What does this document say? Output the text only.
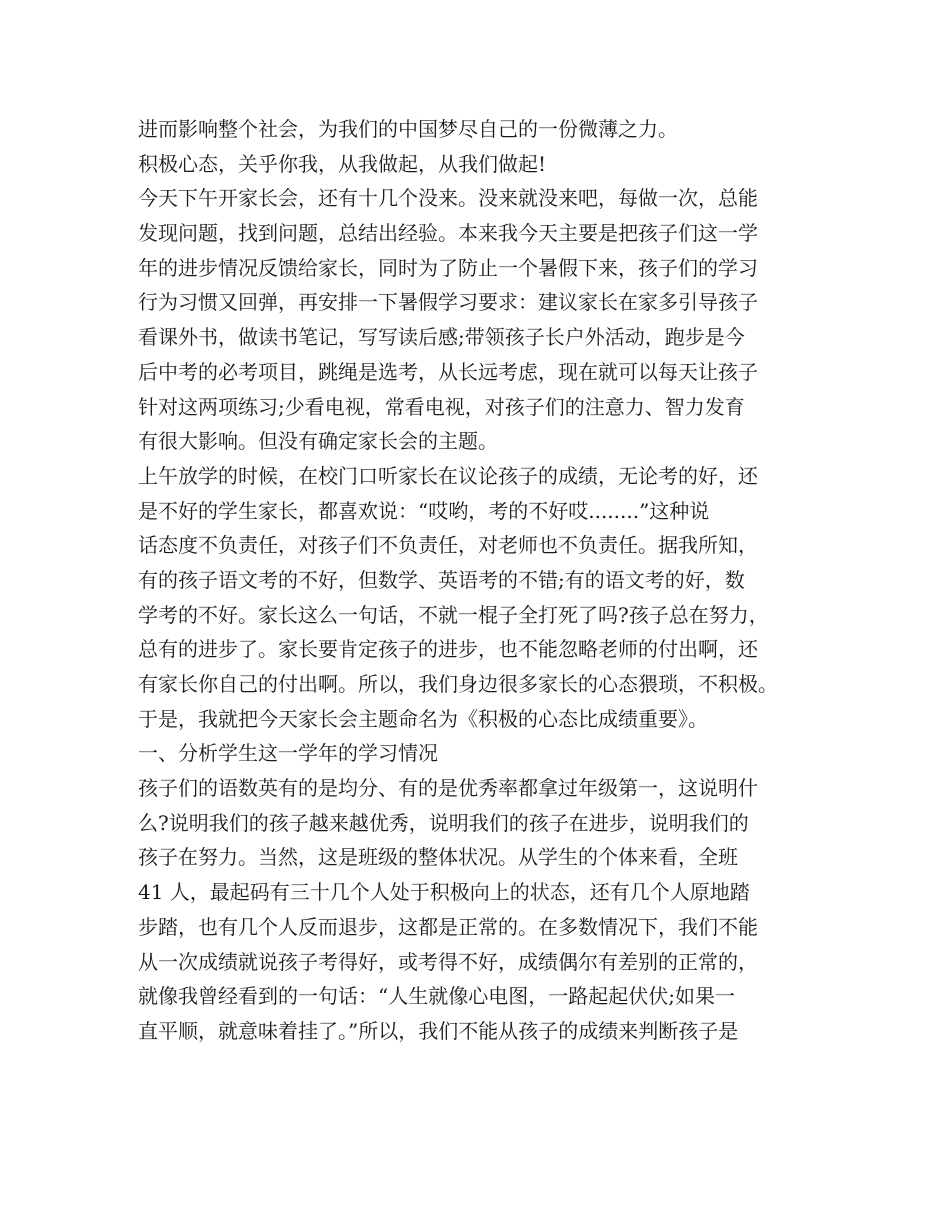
进而影响整个社会，为我们的中国梦尽自己的一份微薄之力。
积极心态，关乎你我，从我做起，从我们做起!
今天下午开家长会，还有十几个没来。没来就没来吧，每做一次，总能
发现问题，找到问题，总结出经验。本来我今天主要是把孩子们这一学
年的进步情况反馈给家长，同时为了防止一个暑假下来，孩子们的学习
行为习惯又回弹，再安排一下暑假学习要求：建议家长在家多引导孩子
看课外书，做读书笔记，写写读后感;带领孩子长户外活动，跑步是今
后中考的必考项目，跳绳是选考，从长远考虑，现在就可以每天让孩子
针对这两项练习;少看电视，常看电视，对孩子们的注意力、智力发育
有很大影响。但没有确定家长会的主题。
上午放学的时候，在校门口听家长在议论孩子的成绩，无论考的好，还
是不好的学生家长，都喜欢说：“哎哟，考的不好哎........”这种说
话态度不负责任，对孩子们不负责任，对老师也不负责任。据我所知，
有的孩子语文考的不好，但数学、英语考的不错;有的语文考的好，数
学考的不好。家长这么一句话，不就一棍子全打死了吗?孩子总在努力，
总有的进步了。家长要肯定孩子的进步，也不能忽略老师的付出啊，还
有家长你自己的付出啊。所以，我们身边很多家长的心态猥琐，不积极。
于是，我就把今天家长会主题命名为《积极的心态比成绩重要》。
一、分析学生这一学年的学习情况
孩子们的语数英有的是均分、有的是优秀率都拿过年级第一，这说明什
么?说明我们的孩子越来越优秀，说明我们的孩子在进步，说明我们的
孩子在努力。当然，这是班级的整体状况。从学生的个体来看，全班
41 人，最起码有三十几个人处于积极向上的状态，还有几个人原地踏
步踏，也有几个人反而退步，这都是正常的。在多数情况下，我们不能
从一次成绩就说孩子考得好，或考得不好，成绩偶尔有差别的正常的，
就像我曾经看到的一句话：“人生就像心电图，一路起起伏伏;如果一
直平顺，就意味着挂了。”所以，我们不能从孩子的成绩来判断孩子是
